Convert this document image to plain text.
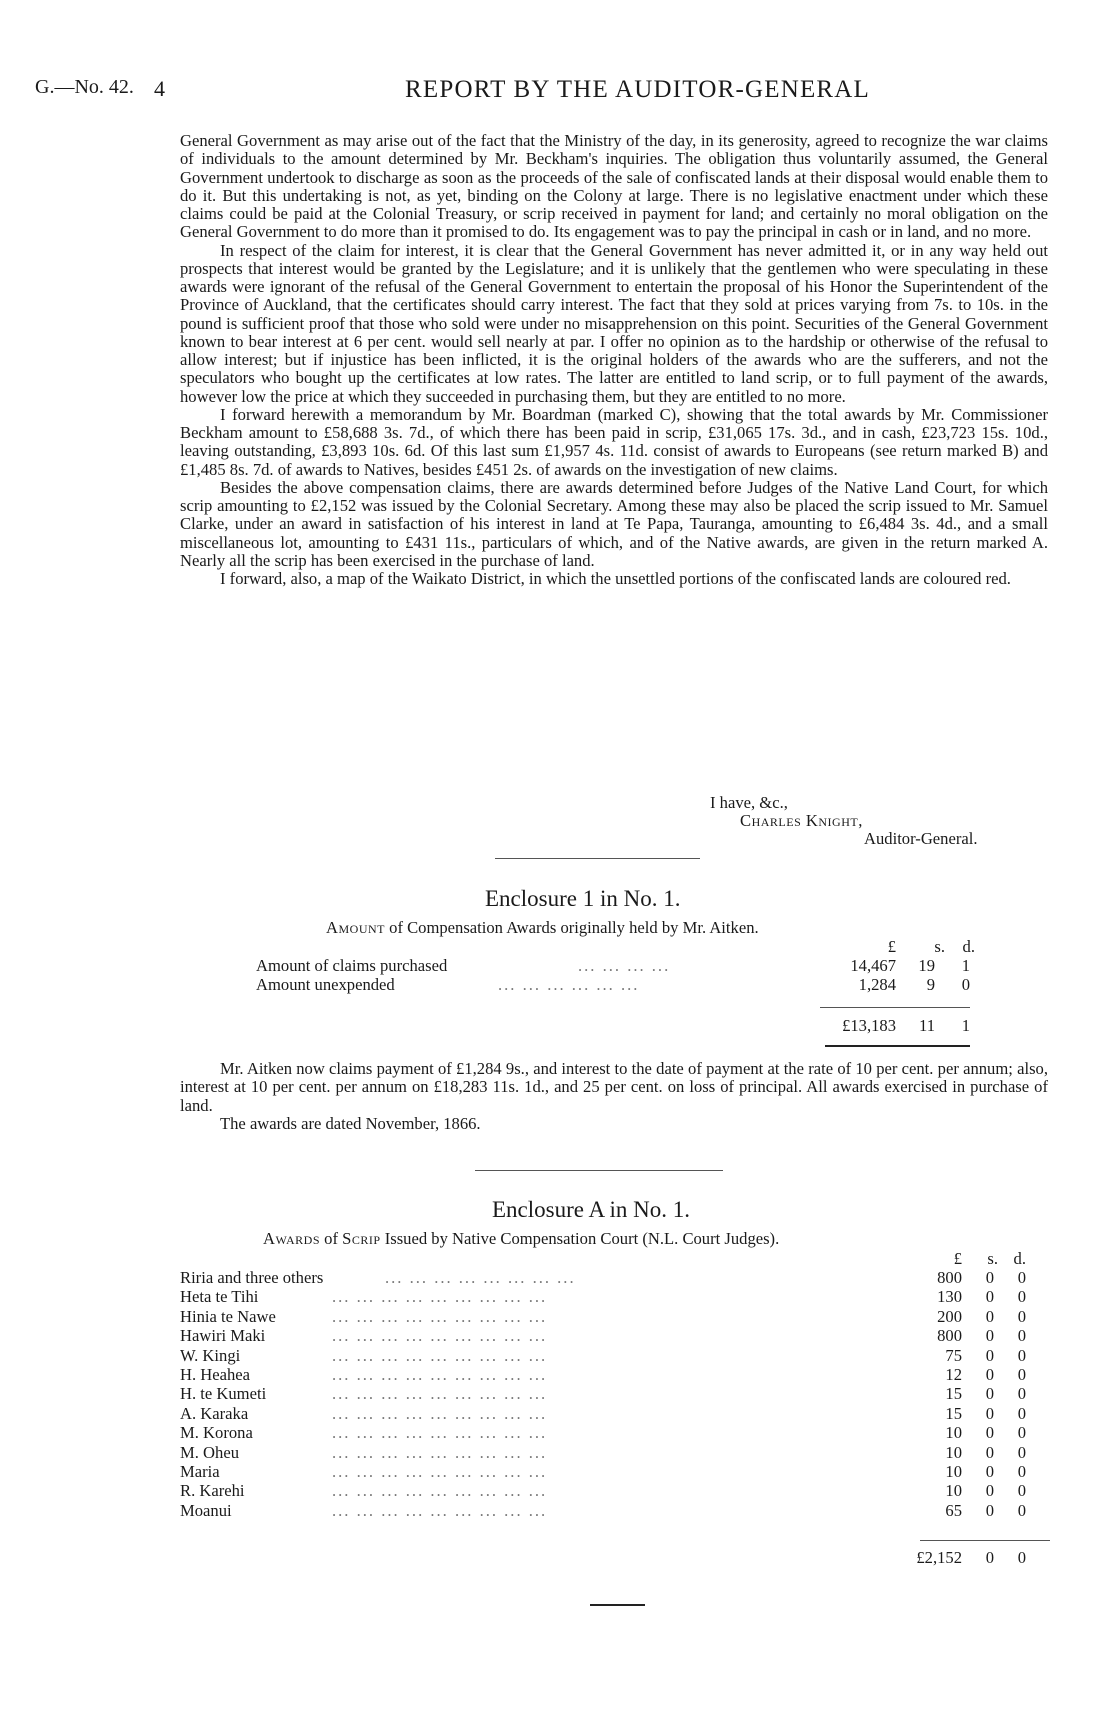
G.—No. 42. 4	REPORT BY THE AUDITOR-GENERAL

General Government as may arise out of the fact that the Ministry of the day, in its generosity, agreed to recognize the war claims of individuals to the amount determined by Mr. Beckham's inquiries. The obligation thus voluntarily assumed, the General Government undertook to discharge as soon as the proceeds of the sale of confiscated lands at their disposal would enable them to do it. But this undertaking is not, as yet, binding on the Colony at large. There is no legislative enactment under which these claims could be paid at the Colonial Treasury, or scrip received in payment for land; and certainly no moral obligation on the General Government to do more than it promised to do. Its engagement was to pay the principal in cash or in land, and no more.

In respect of the claim for interest, it is clear that the General Government has never admitted it, or in any way held out prospects that interest would be granted by the Legislature; and it is unlikely that the gentlemen who were speculating in these awards were ignorant of the refusal of the General Government to entertain the proposal of his Honor the Superintendent of the Province of Auckland, that the certificates should carry interest. The fact that they sold at prices varying from 7s. to 10s. in the pound is sufficient proof that those who sold were under no misapprehension on this point. Securities of the General Government known to bear interest at 6 per cent. would sell nearly at par. I offer no opinion as to the hardship or otherwise of the refusal to allow interest; but if injustice has been inflicted, it is the original holders of the awards who are the sufferers, and not the speculators who bought up the certificates at low rates. The latter are entitled to land scrip, or to full payment of the awards, however low the price at which they succeeded in purchasing them, but they are entitled to no more.

I forward herewith a memorandum by Mr. Boardman (marked C), showing that the total awards by Mr. Commissioner Beckham amount to £58,688 3s. 7d., of which there has been paid in scrip, £31,065 17s. 3d., and in cash, £23,723 15s. 10d., leaving outstanding, £3,893 10s. 6d. Of this last sum £1,957 4s. 11d. consist of awards to Europeans (see return marked B) and £1,485 8s. 7d. of awards to Natives, besides £451 2s. of awards on the investigation of new claims.

Besides the above compensation claims, there are awards determined before Judges of the Native Land Court, for which scrip amounting to £2,152 was issued by the Colonial Secretary. Among these may also be placed the scrip issued to Mr. Samuel Clarke, under an award in satisfaction of his interest in land at Te Papa, Tauranga, amounting to £6,484 3s. 4d., and a small miscellaneous lot, amounting to £431 11s., particulars of which, and of the Native awards, are given in the return marked A. Nearly all the scrip has been exercised in the purchase of land.

I forward, also, a map of the Waikato District, in which the unsettled portions of the confiscated lands are coloured red.

I have, &c.,
Charles Knight,
Auditor-General.
Enclosure 1 in No. 1.
Amount of Compensation Awards originally held by Mr. Aitken.
£	s.	d.
Amount of claims purchased	... ... ... ...	14,467	19	1
Amount unexpended	... ... ... ... ... ...	1,284	9	0
£13,183	11	1

Mr. Aitken now claims payment of £1,284 9s., and interest to the date of payment at the rate of 10 per cent. per annum; also, interest at 10 per cent. per annum on £18,283 11s. 1d., and 25 per cent. on loss of principal. All awards exercised in purchase of land.

The awards are dated November, 1866.

Enclosure A in No. 1.
Awards of Scrip Issued by Native Compensation Court (N.L. Court Judges).
£	s. d.
Riria and three others	... ... ... ... ... ... ... ...	800	0	0
Heta te Tihi	... ... ... ... ... ... ... ... ...	130	0	0
Hinia te Nawe	... ... ... ... ... ... ... ... ...	200	0	0
Hawiri Maki	... ... ... ... ... ... ... ... ...	800	0	0
W. Kingi	... ... ... ... ... ... ... ... ...	75	0	0
H. Heahea	... ... ... ... ... ... ... ... ...	12	0	0
H. te Kumeti	... ... ... ... ... ... ... ... ...	15	0	0
A. Karaka	... ... ... ... ... ... ... ... ...	15	0	0
M. Korona	... ... ... ... ... ... ... ... ...	10	0	0
M. Oheu	... ... ... ... ... ... ... ... ...	10	0	0
Maria	... ... ... ... ... ... ... ... ...	10	0	0
R. Karehi	... ... ... ... ... ... ... ... ...	10	0	0
Moanui	... ... ... ... ... ... ... ... ...	65	0	0
£2,152	0	0
